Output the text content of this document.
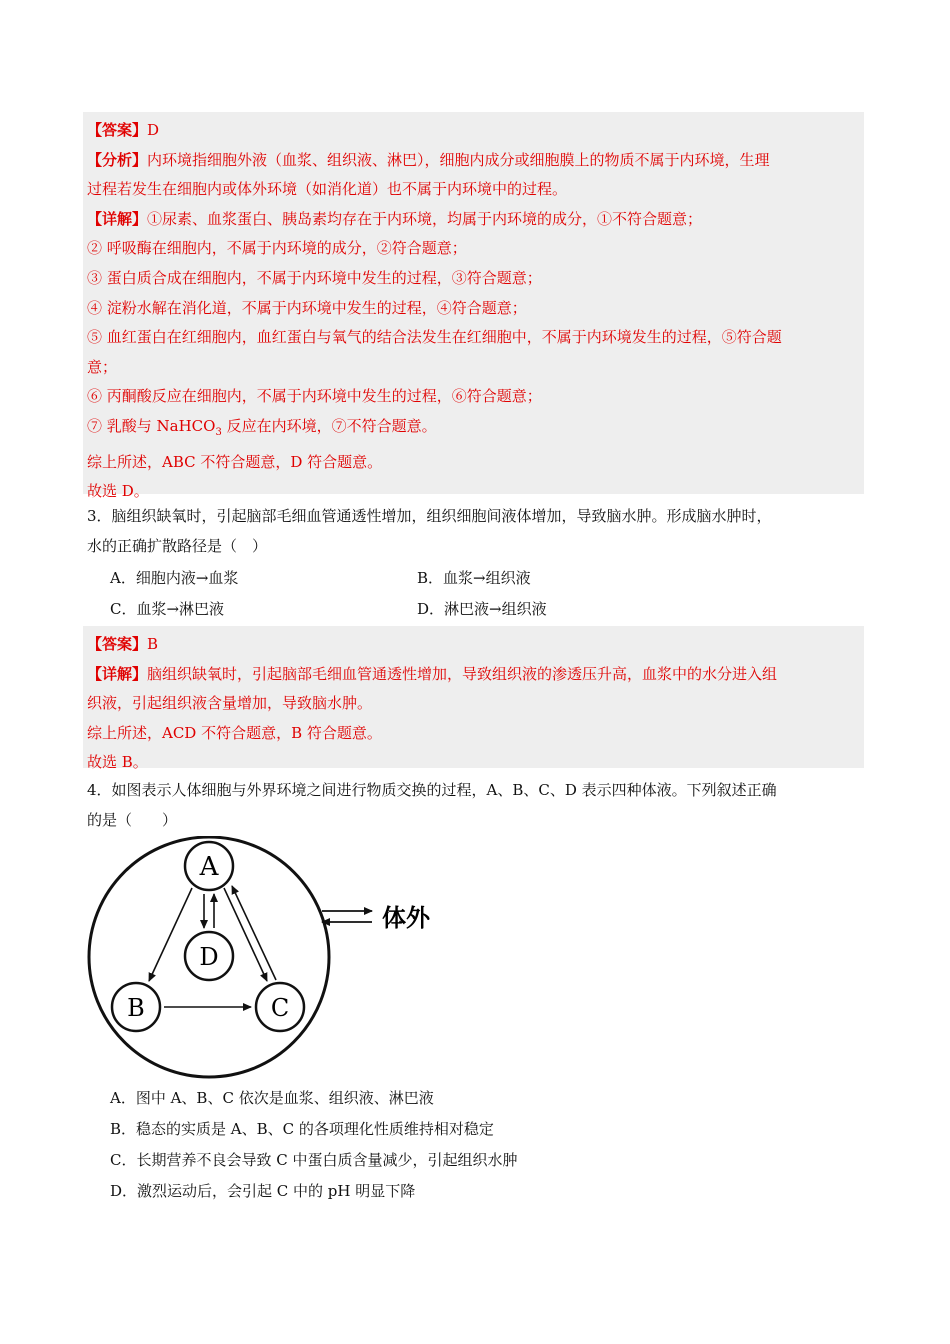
【答案】D
【分析】内环境指细胞外液（血浆、组织液、淋巴），细胞内成分或细胞膜上的物质不属于内环境，生理
过程若发生在细胞内或体外环境（如消化道）也不属于内环境中的过程。
【详解】①尿素、血浆蛋白、胰岛素均存在于内环境，均属于内环境的成分，①不符合题意；
② 呼吸酶在细胞内，不属于内环境的成分，②符合题意；
③ 蛋白质合成在细胞内，不属于内环境中发生的过程，③符合题意；
④ 淀粉水解在消化道，不属于内环境中发生的过程，④符合题意；
⑤ 血红蛋白在红细胞内，血红蛋白与氧气的结合法发生在红细胞中，不属于内环境发生的过程，⑤符合题
意；
⑥ 丙酮酸反应在细胞内，不属于内环境中发生的过程，⑥符合题意；
⑦ 乳酸与 NaHCO$_3$ 反应在内环境，⑦不符合题意。
综上所述，ABC 不符合题意，D 符合题意。
故选 D。
3．脑组织缺氧时，引起脑部毛细血管通透性增加，组织细胞间液体增加，导致脑水肿。形成脑水肿时，
水的正确扩散路径是（　）
A．细胞内液→血浆	B．血浆→组织液
C．血浆→淋巴液	D．淋巴液→组织液
【答案】B
【详解】脑组织缺氧时，引起脑部毛细血管通透性增加，导致组织液的渗透压升高，血浆中的水分进入组
织液，引起组织液含量增加，导致脑水肿。
综上所述，ACD 不符合题意，B 符合题意。
故选 B。
4．如图表示人体细胞与外界环境之间进行物质交换的过程，A、B、C、D 表示四种体液。下列叙述正确
的是（　　）
A
D
B	C
体外
A．图中 A、B、C 依次是血浆、组织液、淋巴液
B．稳态的实质是 A、B、C 的各项理化性质维持相对稳定
C．长期营养不良会导致 C 中蛋白质含量减少，引起组织水肿
D．激烈运动后，会引起 C 中的 pH 明显下降
